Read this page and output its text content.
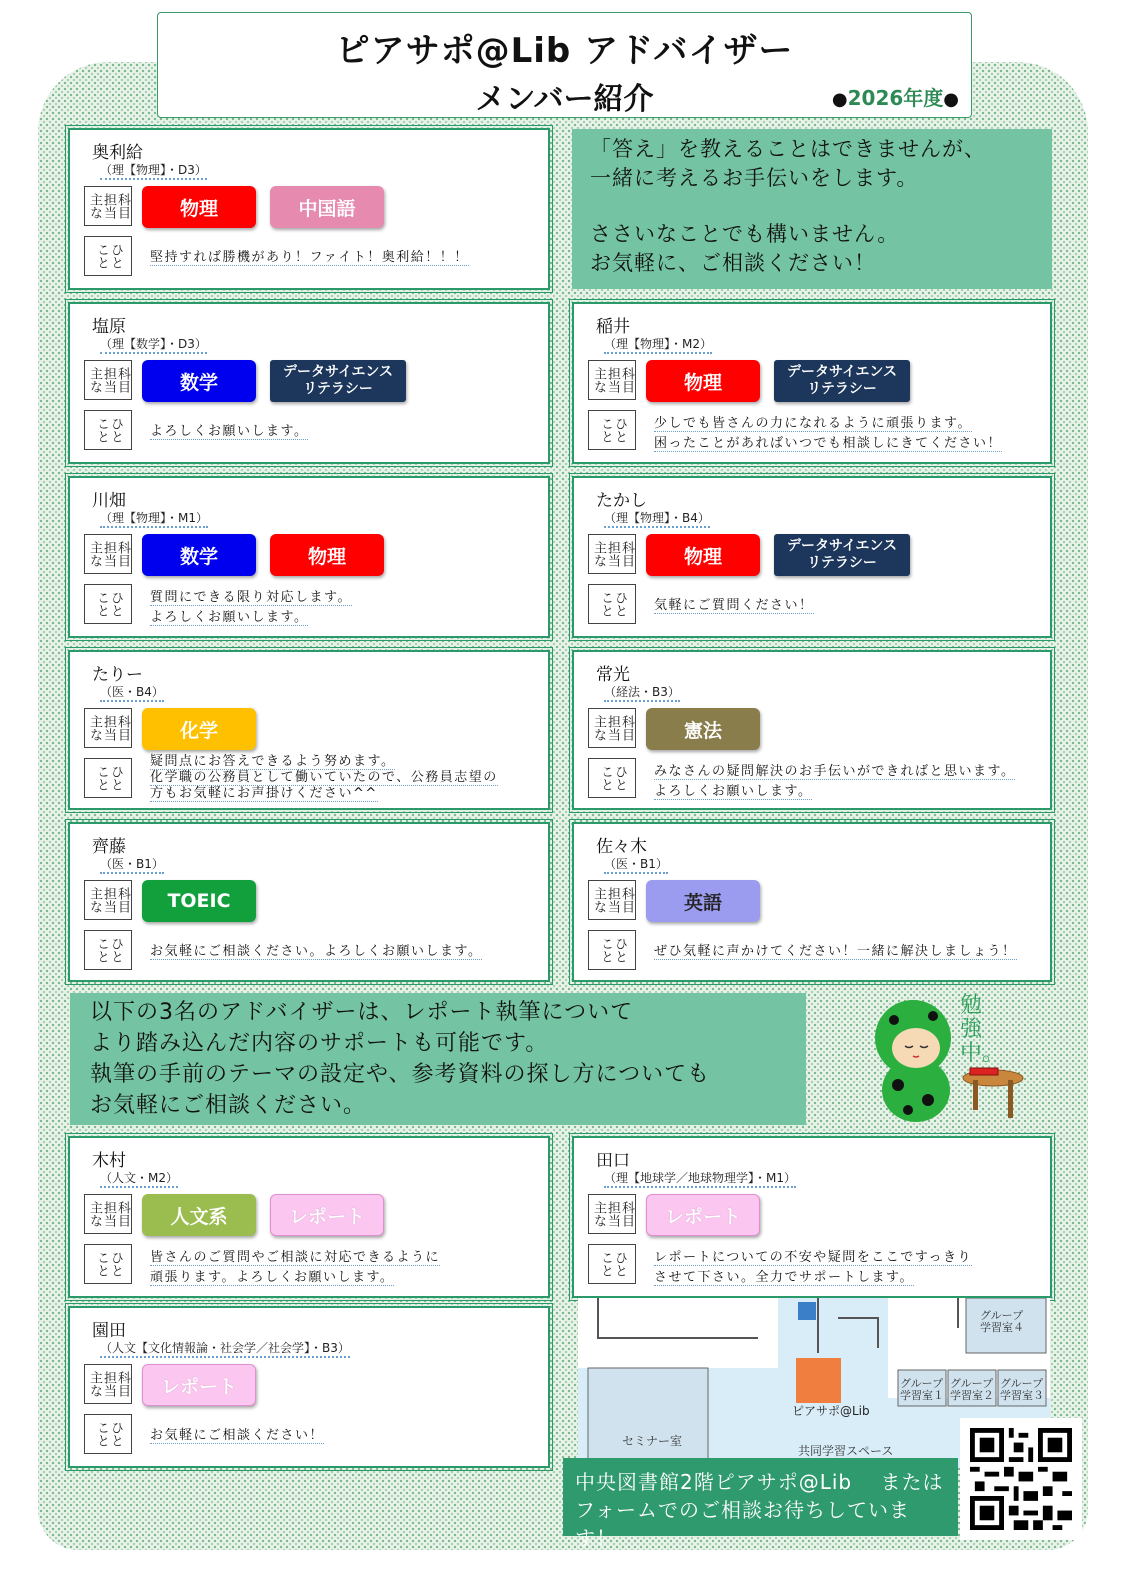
ピアサポ@Lib アドバイザー
メンバー紹介	●2026年度●

「答え」を教えることはできませんが、

一緒に考えるお手伝いをします。

ささいなことでも構いません。

お気軽に、ご相談ください！

奥利給
（理【物理】・D3）
科目担当主な
ひとこと
物理	中国語
堅持すれば勝機があり！ファイト！奥利給！！！
塩原
（理【数学】・D3）
科目担当主な
ひとこと
数学	データサイエンス
リテラシー
よろしくお願いします。
稲井
（理【物理】・M2）
科目担当主な
ひとこと
物理	データサイエンス
リテラシー
少しでも皆さんの力になれるように頑張ります。
困ったことがあればいつでも相談しにきてください！
川畑
（理【物理】・M1）
科目担当主な
ひとこと
数学	物理
質問にできる限り対応します。
よろしくお願いします。
たかし
（理【物理】・B4）
科目担当主な
ひとこと
物理	データサイエンス
リテラシー
気軽にご質問ください！
たりー
（医・B4）
科目担当主な
ひとこと
化学
疑問点にお答えできるよう努めます。
化学職の公務員として働いていたので、公務員志望の
方もお気軽にお声掛けください^^
常光
（経法・B3）
科目担当主な
ひとこと
憲法
みなさんの疑問解決のお手伝いができればと思います。
よろしくお願いします。
齊藤
（医・B1）
科目担当主な
ひとこと
TOEIC
お気軽にご相談ください。よろしくお願いします。
佐々木
（医・B1）
科目担当主な
ひとこと
英語
ぜひ気軽に声かけてください！一緒に解決しましょう！
木村
（人文・M2）
科目担当主な
ひとこと
人文系	レポート
皆さんのご質問やご相談に対応できるように
頑張ります。よろしくお願いします。
田口
（理【地球学／地球物理学】・M1）
科目担当主な
ひとこと
レポート
レポートについての不安や疑問をここですっきり
させて下さい。全力でサポートします。
園田
（人文【文化情報論・社会学／社会学】・B3）
科目担当主な
ひとこと
レポート
お気軽にご相談ください！

以下の3名のアドバイザーは、レポート執筆について

より踏み込んだ内容のサポートも可能です。

執筆の手前のテーマの設定や、参考資料の探し方についても

お気軽にご相談ください。

勉強中。
グループ
学習室４
グループ
学習室１
グループ
学習室２
グループ
学習室３
セミナー室
共同学習スペース
ピアサポ@Lib
中央図書館2階ピアサポ@Lib　 または
フォームでのご相談お待ちしています！
